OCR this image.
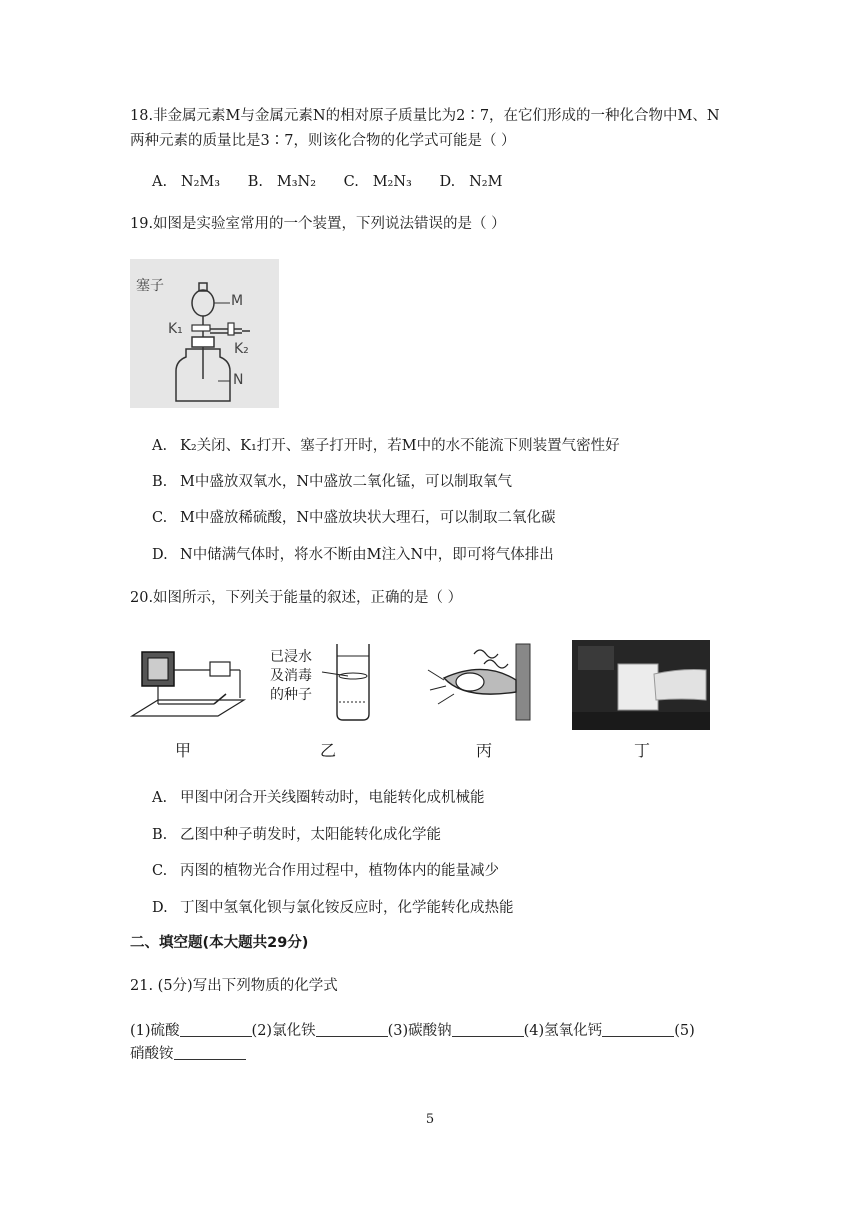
18.非金属元素M与金属元素N的相对原子质量比为2∶7，在它们形成的一种化合物中M、N
两种元素的质量比是3∶7，则该化合物的化学式可能是（ ）
A. N₂M₃ B. M₃N₂ C. M₂N₃ D. N₂M
19.如图是实验室常用的一个装置，下列说法错误的是（ ）
塞子
M
K₁
K₂
N
A. K₂关闭、K₁打开、塞子打开时，若M中的水不能流下则装置气密性好
B. M中盛放双氧水，N中盛放二氧化锰，可以制取氧气
C. M中盛放稀硫酸，N中盛放块状大理石，可以制取二氧化碳
D. N中储满气体时，将水不断由M注入N中，即可将气体排出
20.如图所示，下列关于能量的叙述，正确的是（ ）
已浸水
及消毒
的种子
甲	乙	丙	丁
A. 甲图中闭合开关线圈转动时，电能转化成机械能
B. 乙图中种子萌发时，太阳能转化成化学能
C. 丙图的植物光合作用过程中，植物体内的能量减少
D. 丁图中氢氧化钡与氯化铵反应时，化学能转化成热能
二、填空题(本大题共29分)
21. (5分)写出下列物质的化学式
(1)硫酸	(2)氯化铁	(3)碳酸钠	(4)氢氧化钙	(5)
硝酸铵
5
